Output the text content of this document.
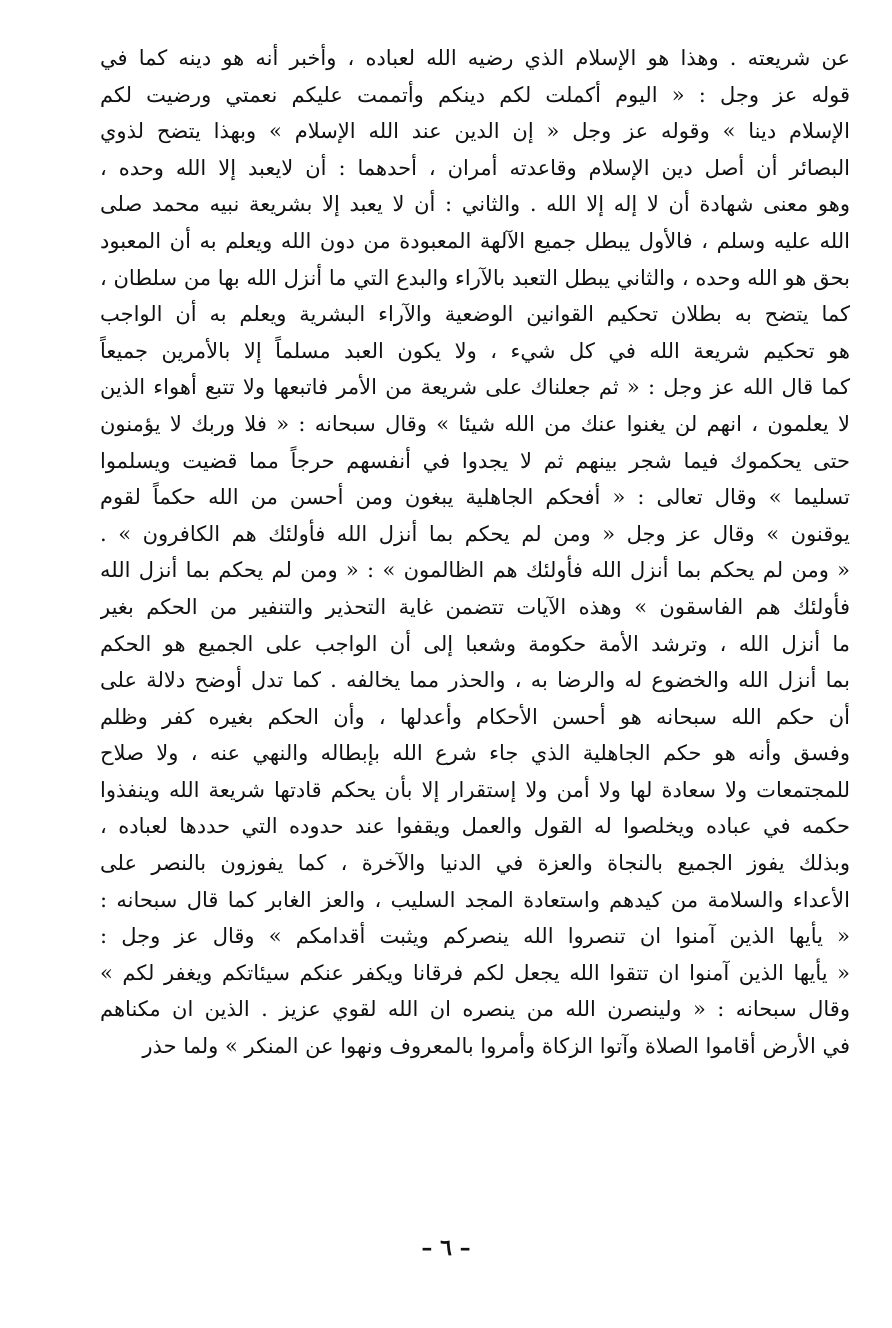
عن شريعته . وهذا هو الإسلام الذي رضيه الله لعباده ، وأخبر أنه هو دينه كما في
قوله عز وجل : « اليوم أكملت لكم دينكم وأتممت عليكم نعمتي ورضيت لكم
الإسلام دينا » وقوله عز وجل « إن الدين عند الله الإسلام » وبهذا يتضح لذوي
البصائر أن أصل دين الإسلام وقاعدته أمران ، أحدهما : أن لايعبد إلا الله وحده ،
وهو معنى شهادة أن لا إله إلا الله . والثاني : أن لا يعبد إلا بشريعة نبيه محمد صلى
الله عليه وسلم ، فالأول يبطل جميع الآلهة المعبودة من دون الله ويعلم به أن المعبود
بحق هو الله وحده ، والثاني يبطل التعبد بالآراء والبدع التي ما أنزل الله بها من سلطان ،
كما يتضح به بطلان تحكيم القوانين الوضعية والآراء البشرية ويعلم به أن الواجب
هو تحكيم شريعة الله في كل شيء ، ولا يكون العبد مسلماً إلا بالأمرين جميعاً
كما قال الله عز وجل : « ثم جعلناك على شريعة من الأمر فاتبعها ولا تتبع أهواء الذين
لا يعلمون ، انهم لن يغنوا عنك من الله شيئا » وقال سبحانه : « فلا وربك لا يؤمنون
حتى يحكموك فيما شجر بينهم ثم لا يجدوا في أنفسهم حرجاً مما قضيت ويسلموا
تسليما » وقال تعالى : « أفحكم الجاهلية يبغون ومن أحسن من الله حكماً لقوم
يوقنون » وقال عز وجل « ومن لم يحكم بما أنزل الله فأولئك هم الكافرون » .
« ومن لم يحكم بما أنزل الله فأولئك هم الظالمون » : « ومن لم يحكم بما أنزل الله
فأولئك هم الفاسقون » وهذه الآيات تتضمن غاية التحذير والتنفير من الحكم بغير
ما أنزل الله ، وترشد الأمة حكومة وشعبا إلى أن الواجب على الجميع هو الحكم
بما أنزل الله والخضوع له والرضا به ، والحذر مما يخالفه . كما تدل أوضح دلالة على
أن حكم الله سبحانه هو أحسن الأحكام وأعدلها ، وأن الحكم بغيره كفر وظلم
وفسق وأنه هو حكم الجاهلية الذي جاء شرع الله بإبطاله والنهي عنه ، ولا صلاح
للمجتمعات ولا سعادة لها ولا أمن ولا إستقرار إلا بأن يحكم قادتها شريعة الله وينفذوا
حكمه في عباده ويخلصوا له القول والعمل ويقفوا عند حدوده التي حددها لعباده ،
وبذلك يفوز الجميع بالنجاة والعزة في الدنيا والآخرة ، كما يفوزون بالنصر على
الأعداء والسلامة من كيدهم واستعادة المجد السليب ، والعز الغابر كما قال سبحانه :
« يأيها الذين آمنوا ان تنصروا الله ينصركم ويثبت أقدامكم » وقال عز وجل :
« يأيها الذين آمنوا ان تتقوا الله يجعل لكم فرقانا ويكفر عنكم سيئاتكم ويغفر لكم »
وقال سبحانه : « ولينصرن الله من ينصره ان الله لقوي عزيز . الذين ان مكناهم
في الأرض أقاموا الصلاة وآتوا الزكاة وأمروا بالمعروف ونهوا عن المنكر » ولما حذر
– ٦ –
